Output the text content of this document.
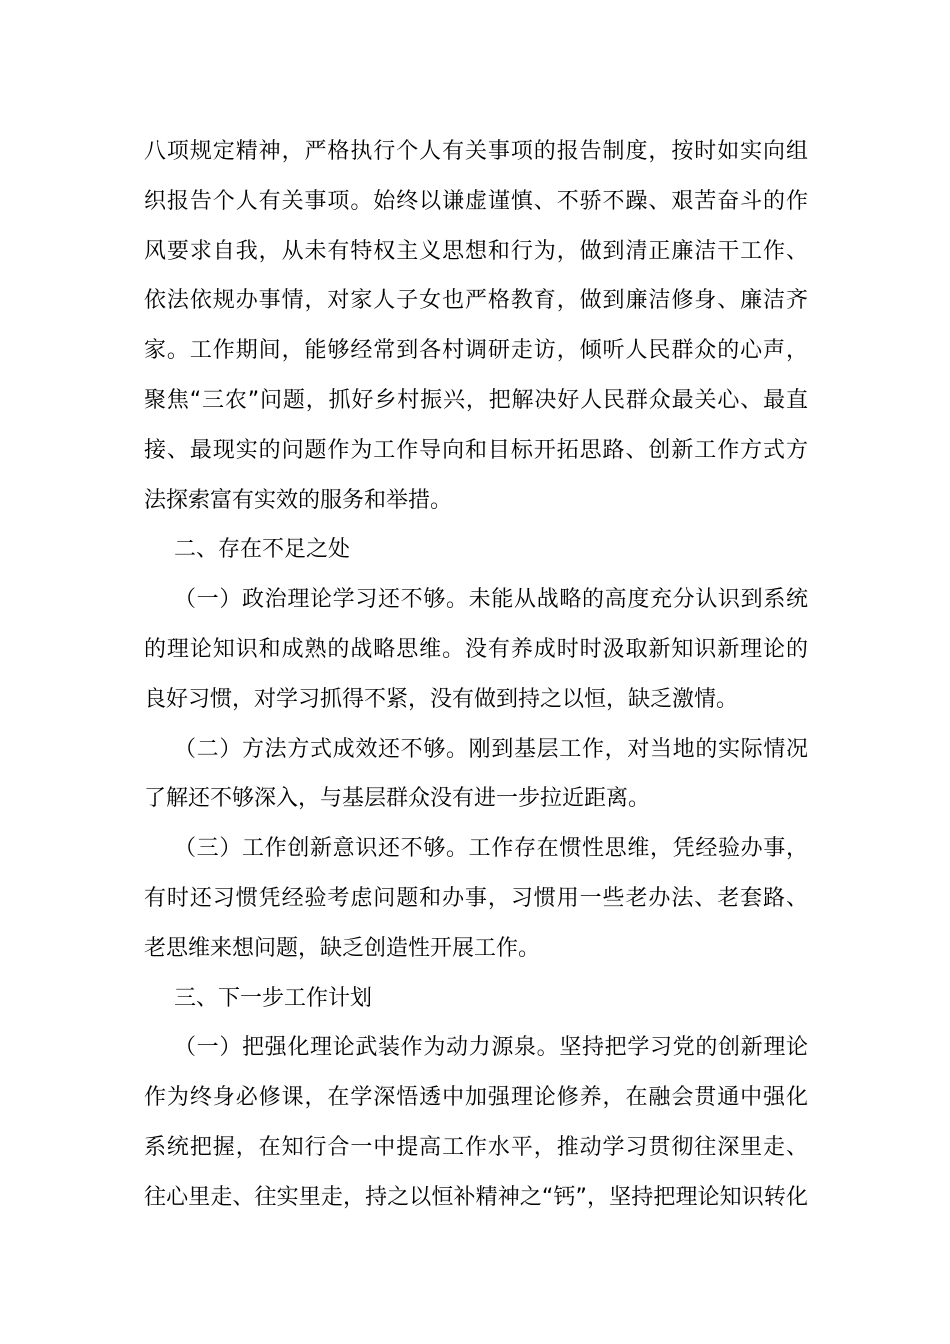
八项规定精神，严格执行个人有关事项的报告制度，按时如实向组
织报告个人有关事项。始终以谦虚谨慎、不骄不躁、艰苦奋斗的作
风要求自我，从未有特权主义思想和行为，做到清正廉洁干工作、
依法依规办事情，对家人子女也严格教育，做到廉洁修身、廉洁齐
家。工作期间，能够经常到各村调研走访，倾听人民群众的心声，
聚焦“三农”问题，抓好乡村振兴，把解决好人民群众最关心、最直
接、最现实的问题作为工作导向和目标开拓思路、创新工作方式方
法探索富有实效的服务和举措。
二、存在不足之处
（一）政治理论学习还不够。未能从战略的高度充分认识到系统
的理论知识和成熟的战略思维。没有养成时时汲取新知识新理论的
良好习惯，对学习抓得不紧，没有做到持之以恒，缺乏激情。
（二）方法方式成效还不够。刚到基层工作，对当地的实际情况
了解还不够深入，与基层群众没有进一步拉近距离。
（三）工作创新意识还不够。工作存在惯性思维，凭经验办事，
有时还习惯凭经验考虑问题和办事，习惯用一些老办法、老套路、
老思维来想问题，缺乏创造性开展工作。
三、下一步工作计划
（一）把强化理论武装作为动力源泉。坚持把学习党的创新理论
作为终身必修课，在学深悟透中加强理论修养，在融会贯通中强化
系统把握，在知行合一中提高工作水平，推动学习贯彻往深里走、
往心里走、往实里走，持之以恒补精神之“钙”，坚持把理论知识转化
